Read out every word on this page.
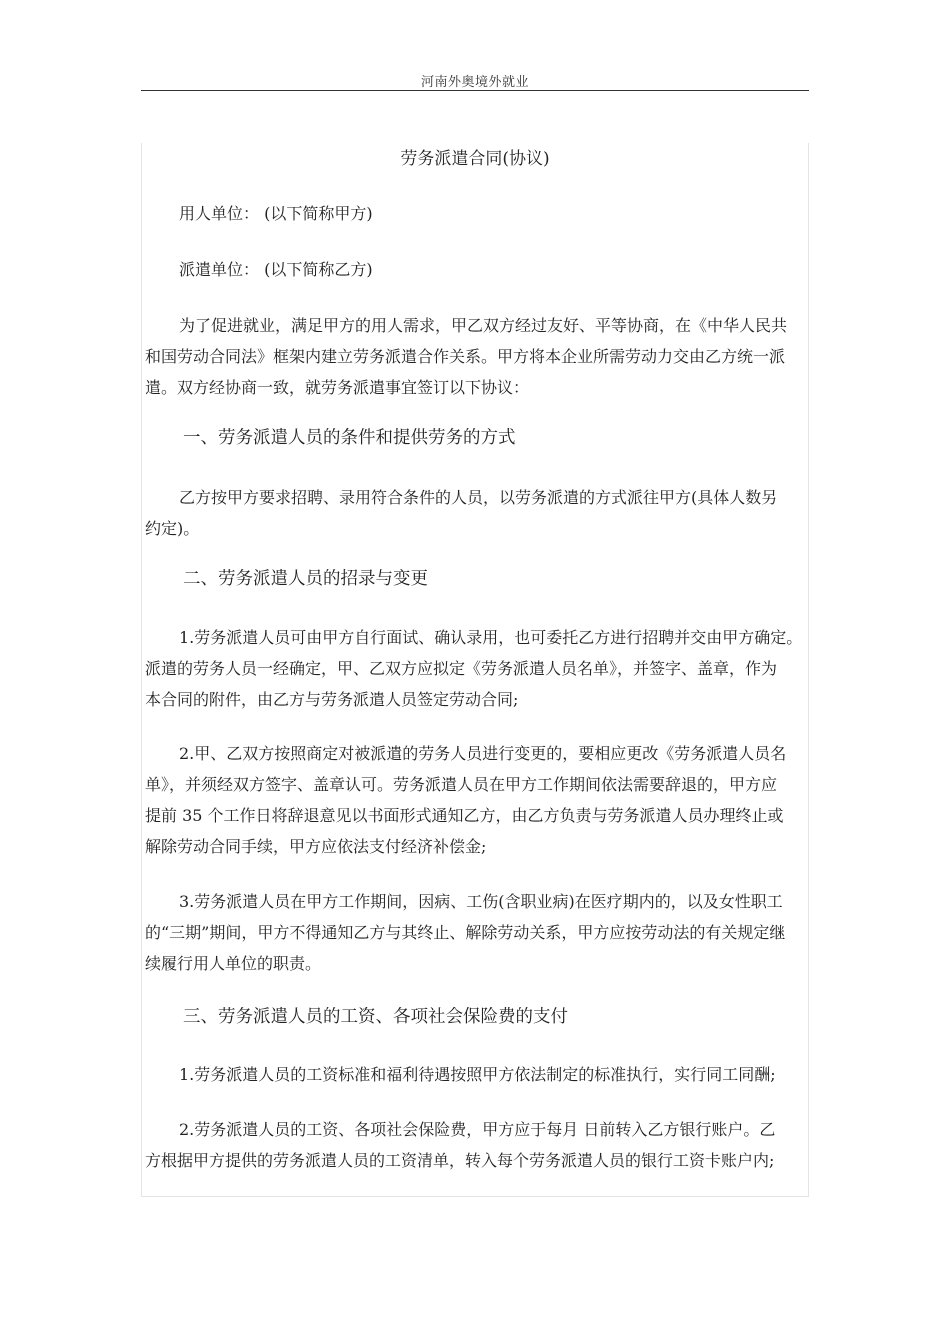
河南外奥境外就业
劳务派遣合同(协议)
用人单位： (以下简称甲方)
派遣单位： (以下简称乙方)
为了促进就业，满足甲方的用人需求，甲乙双方经过友好、平等协商，在《中华人民共
和国劳动合同法》框架内建立劳务派遣合作关系。甲方将本企业所需劳动力交由乙方统一派
遣。双方经协商一致，就劳务派遣事宜签订以下协议：
一、劳务派遣人员的条件和提供劳务的方式
乙方按甲方要求招聘、录用符合条件的人员，以劳务派遣的方式派往甲方(具体人数另
约定)。
二、劳务派遣人员的招录与变更
1.劳务派遣人员可由甲方自行面试、确认录用，也可委托乙方进行招聘并交由甲方确定。
派遣的劳务人员一经确定，甲、乙双方应拟定《劳务派遣人员名单》，并签字、盖章，作为
本合同的附件，由乙方与劳务派遣人员签定劳动合同;
2.甲、乙双方按照商定对被派遣的劳务人员进行变更的，要相应更改《劳务派遣人员名
单》，并须经双方签字、盖章认可。劳务派遣人员在甲方工作期间依法需要辞退的，甲方应
提前 35 个工作日将辞退意见以书面形式通知乙方，由乙方负责与劳务派遣人员办理终止或
解除劳动合同手续，甲方应依法支付经济补偿金;
3.劳务派遣人员在甲方工作期间，因病、工伤(含职业病)在医疗期内的，以及女性职工
的“三期”期间，甲方不得通知乙方与其终止、解除劳动关系，甲方应按劳动法的有关规定继
续履行用人单位的职责。
三、劳务派遣人员的工资、各项社会保险费的支付
1.劳务派遣人员的工资标准和福利待遇按照甲方依法制定的标准执行，实行同工同酬;
2.劳务派遣人员的工资、各项社会保险费，甲方应于每月 日前转入乙方银行账户。乙
方根据甲方提供的劳务派遣人员的工资清单，转入每个劳务派遣人员的银行工资卡账户内;
